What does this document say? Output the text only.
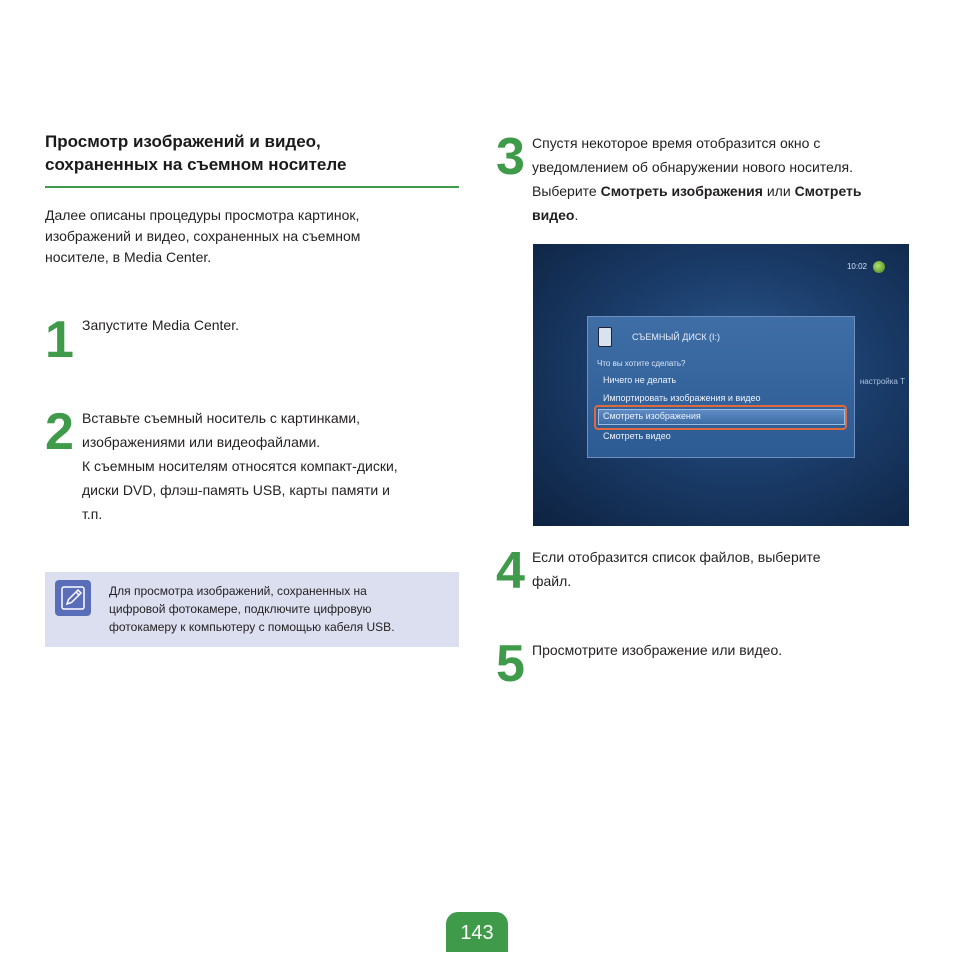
Просмотр изображений и видео,
сохраненных на съемном носителе
Далее описаны процедуры просмотра картинок,
изображений и видео, сохраненных на съемном
носителе, в Media Center.
1 Запустите Media Center.
2 Вставьте съемный носитель с картинками,
изображениями или видеофайлами.
К съемным носителям относятся компакт-диски,
диски DVD, флэш-память USB, карты памяти и
т.п.
Для просмотра изображений, сохраненных на
цифровой фотокамере, подключите цифровую
фотокамеру к компьютеру с помощью кабеля USB.
3 Спустя некоторое время отобразится окно с
уведомлением об обнаружении нового носителя.
Выберите Смотреть изображения или Смотреть
видео.
10:02
настройка Т
СЪЕМНЫЙ ДИСК (I:)
Что вы хотите сделать?
Ничего не делать
Импортировать изображения и видео
Смотреть изображения
Смотреть видео
4 Если отобразится список файлов, выберите
файл.
5 Просмотрите изображение или видео.
143
